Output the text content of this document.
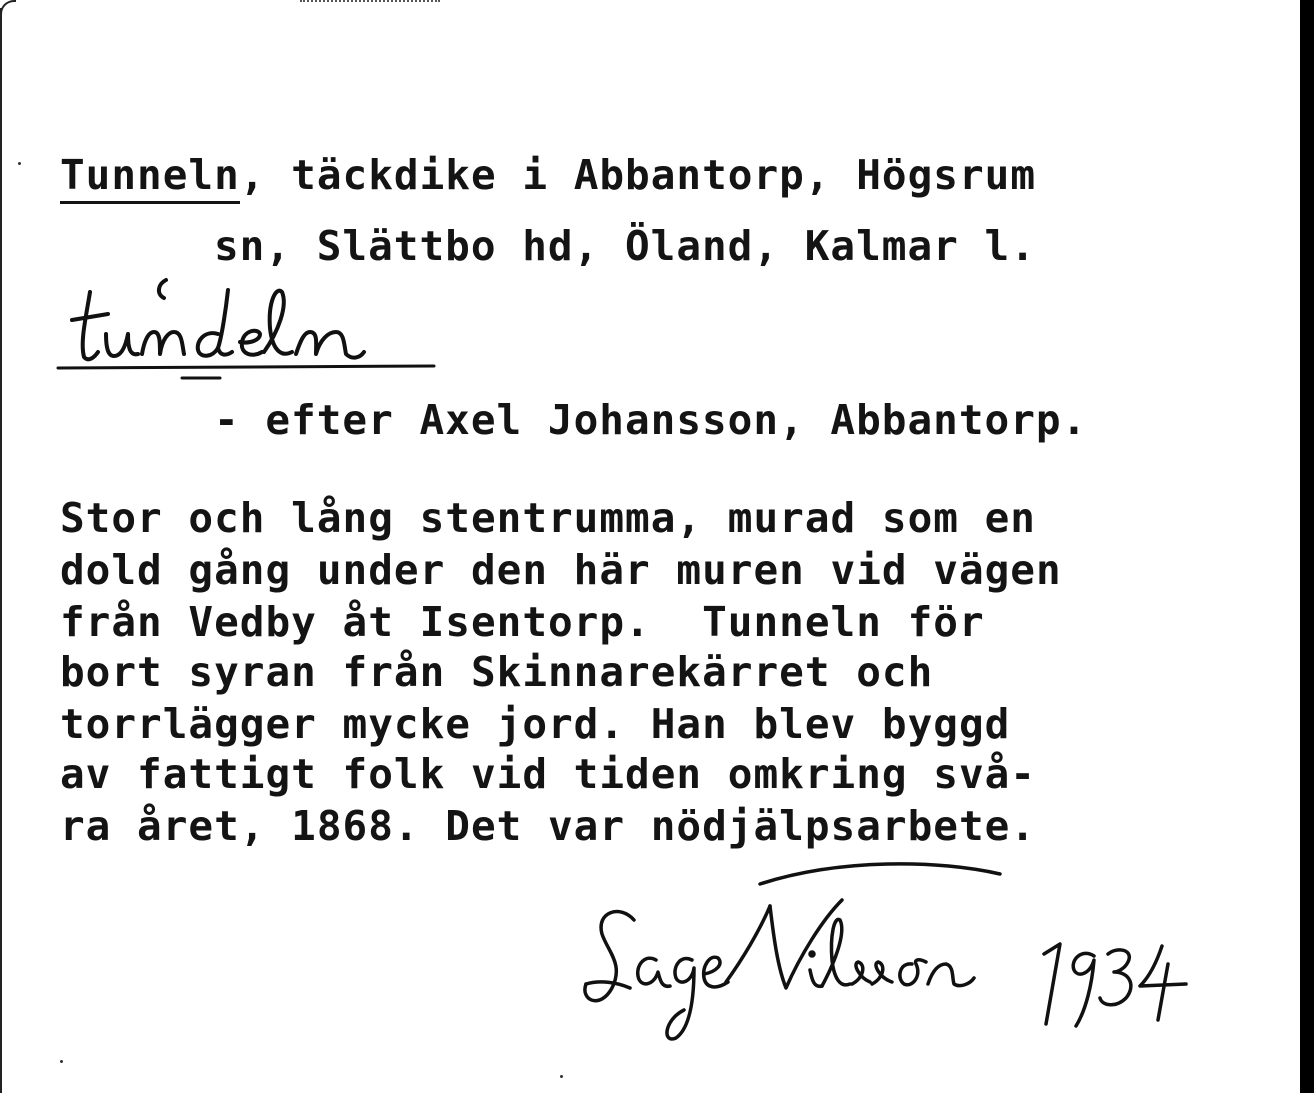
Tunneln, täckdike i Abbantorp, Högsrum

sn, Slättbo hd, Öland, Kalmar l.

- efter Axel Johansson, Abbantorp.

Stor och lång stentrumma, murad som en

dold gång under den här muren vid vägen

från Vedby åt Isentorp.  Tunneln för

bort syran från Skinnarekärret och

torrlägger mycke jord. Han blev byggd

av fattigt folk vid tiden omkring svå-

ra året, 1868. Det var nödjälpsarbete.
